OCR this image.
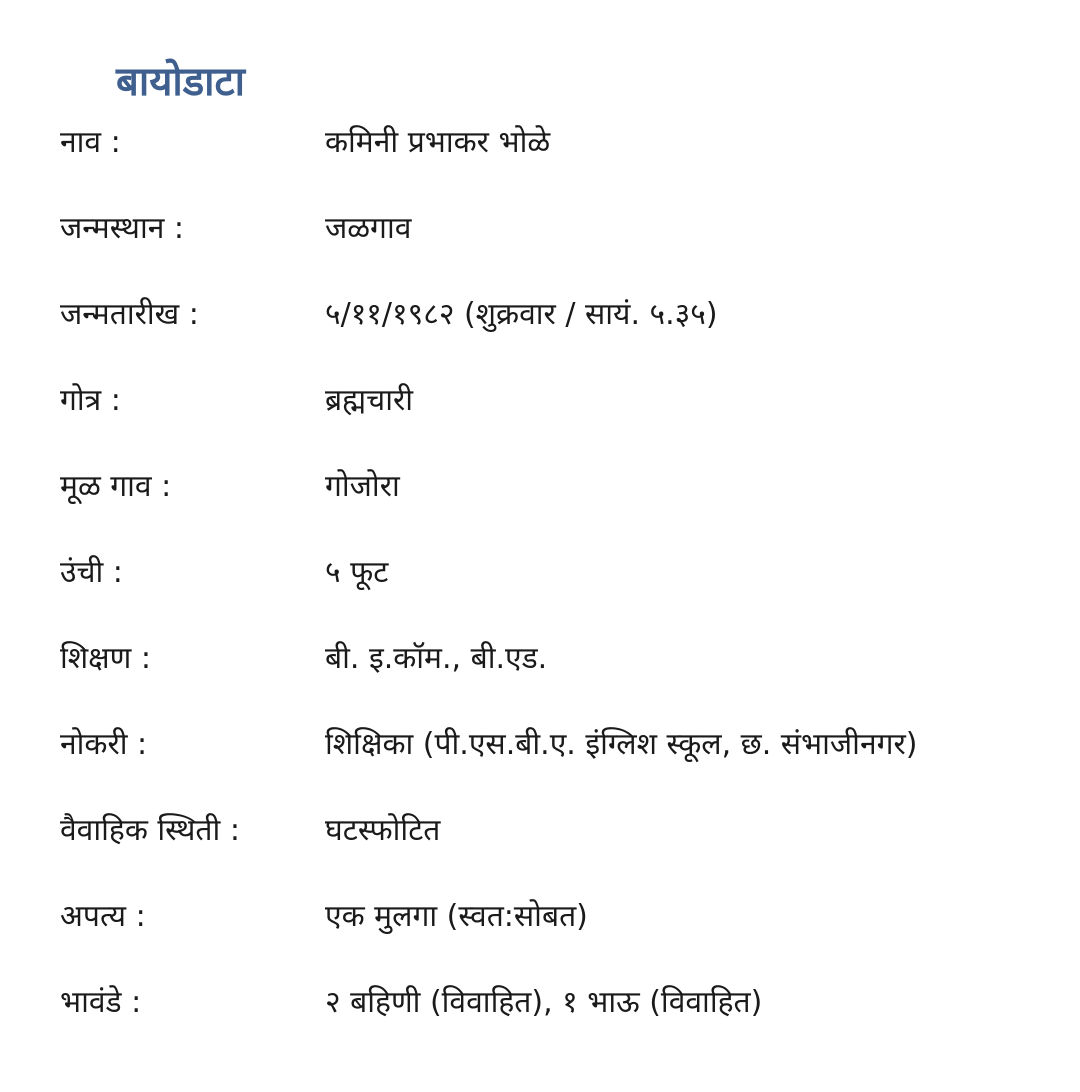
बायोडाटा
नाव :	कमिनी प्रभाकर भोळे
जन्मस्थान :	जळगाव
जन्मतारीख :	५/११/१९८२ (शुक्रवार / सायं. ५.३५)
गोत्र :	ब्रह्मचारी
मूळ गाव :	गोजोरा
उंची :	५ फूट
शिक्षण :	बी. इ.कॉम., बी.एड.
नोकरी :	शिक्षिका (पी.एस.बी.ए. इंग्लिश स्कूल, छ. संभाजीनगर)
वैवाहिक स्थिती :	घटस्फोटित
अपत्य :	एक मुलगा (स्वत:सोबत)
भावंडे :	२ बहिणी (विवाहित), १ भाऊ (विवाहित)
